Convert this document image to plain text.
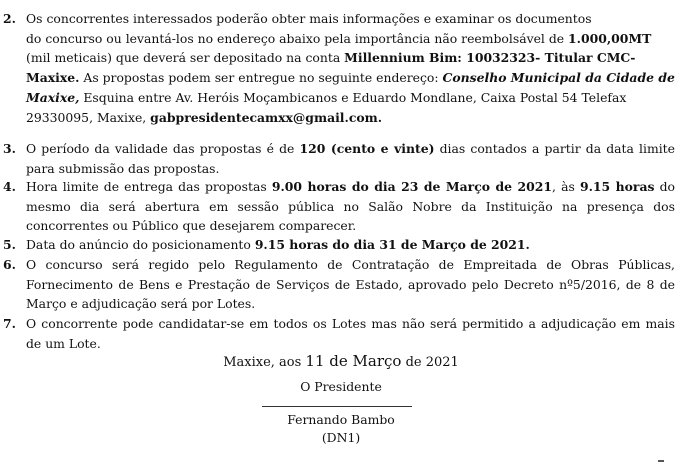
2. Os concorrentes interessados poderão obter mais informações e examinar os documentos
do concurso ou levantá-los no endereço abaixo pela importância não reembolsável de 1.000,00MT
(mil meticais) que deverá ser depositado na conta Millennium Bim: 10032323- Titular CMC-Maxixe. As propostas podem ser entregue no seguinte endereço: Conselho Municipal da Cidade de Maxixe, Esquina entre Av. Heróis Moçambicanos e Eduardo Mondlane, Caixa Postal 54 Telefax
29330095, Maxixe, gabpresidentecamxx@gmail.com.
3. O período da validade das propostas é de 120 (cento e vinte) dias contados a partir da data limite para submissão das propostas.
4. Hora limite de entrega das propostas 9.00 horas do dia 23 de Março de 2021, às 9.15 horas do mesmo dia será abertura em sessão pública no Salão Nobre da Instituição na presença dos concorrentes ou Público que desejarem comparecer.
5. Data do anúncio do posicionamento 9.15 horas do dia 31 de Março de 2021.
6. O concurso será regido pelo Regulamento de Contratação de Empreitada de Obras Públicas, Fornecimento de Bens e Prestação de Serviços de Estado, aprovado pelo Decreto nº5/2016, de 8 de Março e adjudicação será por Lotes.
7. O concorrente pode candidatar-se em todos os Lotes mas não será permitido a adjudicação em mais de um Lote.
Maxixe, aos 11 de Março de 2021
O Presidente
Fernando Bambo
(DN1)
